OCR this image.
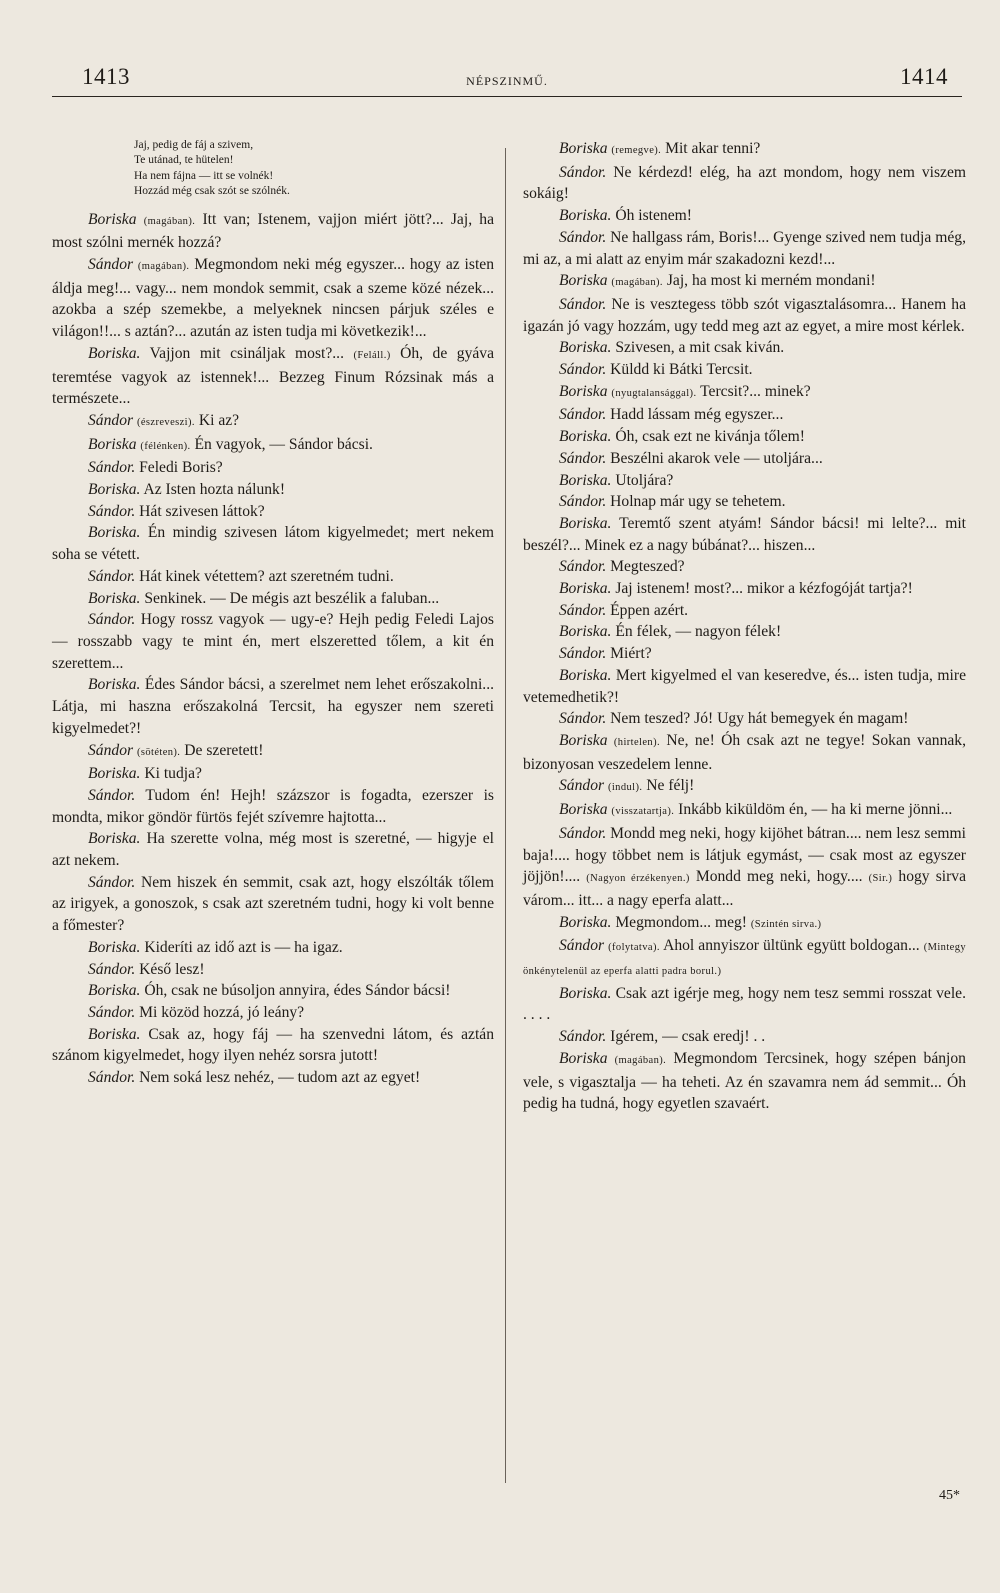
1413	NÉPSZINMŰ.	1414
Jaj, pedig de fáj a szivem,
Te utánad, te hütelen!
Ha nem fájna — itt se volnék!
Hozzád még csak szót se szólnék.

Boriska (magában). Itt van; Istenem, vajjon miért jött?... Jaj, ha most szólni mernék hozzá?

Sándor (magában). Megmondom neki még egyszer... hogy az isten áldja meg!... vagy... nem mondok semmit, csak a szeme közé nézek... azokba a szép szemekbe, a melyeknek nincsen párjuk széles e világon!!... s aztán?... azután az isten tudja mi következik!...

Boriska. Vajjon mit csináljak most?... (Feláll.) Óh, de gyáva teremtése vagyok az istennek!... Bezzeg Finum Rózsinak más a természete...

Sándor (észreveszi). Ki az?

Boriska (félénken). Én vagyok, — Sándor bácsi.

Sándor. Feledi Boris?

Boriska. Az Isten hozta nálunk!

Sándor. Hát szivesen láttok?

Boriska. Én mindig szivesen látom kigyelmedet; mert nekem soha se vétett.

Sándor. Hát kinek vétettem? azt szeretném tudni.

Boriska. Senkinek. — De mégis azt beszélik a faluban...

Sándor. Hogy rossz vagyok — ugy-e? Hejh pedig Feledi Lajos — rosszabb vagy te mint én, mert elszeretted tőlem, a kit én szerettem...

Boriska. Édes Sándor bácsi, a szerelmet nem lehet erőszakolni... Látja, mi haszna erőszakolná Tercsit, ha egyszer nem szereti kigyelmedet?!

Sándor (sötéten). De szeretett!

Boriska. Ki tudja?

Sándor. Tudom én! Hejh! százszor is fogadta, ezerszer is mondta, mikor göndör fürtös fejét szívemre hajtotta...

Boriska. Ha szerette volna, még most is szeretné, — higyje el azt nekem.

Sándor. Nem hiszek én semmit, csak azt, hogy elszólták tőlem az irigyek, a gonoszok, s csak azt szeretném tudni, hogy ki volt benne a főmester?

Boriska. Kideríti az idő azt is — ha igaz.

Sándor. Késő lesz!

Boriska. Óh, csak ne búsoljon annyira, édes Sándor bácsi!

Sándor. Mi közöd hozzá, jó leány?

Boriska. Csak az, hogy fáj — ha szenvedni látom, és aztán szánom kigyelmedet, hogy ilyen nehéz sorsra jutott!

Sándor. Nem soká lesz nehéz, — tudom azt az egyet!

Boriska (remegve). Mit akar tenni?

Sándor. Ne kérdezd! elég, ha azt mondom, hogy nem viszem sokáig!

Boriska. Óh istenem!

Sándor. Ne hallgass rám, Boris!... Gyenge szived nem tudja még, mi az, a mi alatt az enyim már szakadozni kezd!...

Boriska (magában). Jaj, ha most ki merném mondani!

Sándor. Ne is vesztegess több szót vigasztalásomra... Hanem ha igazán jó vagy hozzám, ugy tedd meg azt az egyet, a mire most kérlek.

Boriska. Szivesen, a mit csak kiván.

Sándor. Küldd ki Bátki Tercsit.

Boriska (nyugtalansággal). Tercsit?... minek?

Sándor. Hadd lássam még egyszer...

Boriska. Óh, csak ezt ne kivánja tőlem!

Sándor. Beszélni akarok vele — utoljára...

Boriska. Utoljára?

Sándor. Holnap már ugy se tehetem.

Boriska. Teremtő szent atyám! Sándor bácsi! mi lelte?... mit beszél?... Minek ez a nagy búbánat?... hiszen...

Sándor. Megteszed?

Boriska. Jaj istenem! most?... mikor a kézfogóját tartja?!

Sándor. Éppen azért.

Boriska. Én félek, — nagyon félek!

Sándor. Miért?

Boriska. Mert kigyelmed el van keseredve, és... isten tudja, mire vetemedhetik?!

Sándor. Nem teszed? Jó! Ugy hát bemegyek én magam!

Boriska (hirtelen). Ne, ne! Óh csak azt ne tegye! Sokan vannak, bizonyosan veszedelem lenne.

Sándor (indul). Ne félj!

Boriska (visszatartja). Inkább kiküldöm én, — ha ki merne jönni...

Sándor. Mondd meg neki, hogy kijöhet bátran.... nem lesz semmi baja!.... hogy többet nem is látjuk egymást, — csak most az egyszer jöjjön!.... (Nagyon érzékenyen.) Mondd meg neki, hogy.... (Sir.) hogy sirva várom... itt... a nagy eperfa alatt...

Boriska. Megmondom... meg! (Szintén sirva.)

Sándor (folytatva). Ahol annyiszor ültünk együtt boldogan... (Mintegy önkénytelenül az eperfa alatti padra borul.)

Boriska. Csak azt igérje meg, hogy nem tesz semmi rosszat vele. . . . .

Sándor. Igérem, — csak eredj! . .

Boriska (magában). Megmondom Tercsinek, hogy szépen bánjon vele, s vigasztalja — ha teheti. Az én szavamra nem ád semmit... Óh pedig ha tudná, hogy egyetlen szavaért.

45*
